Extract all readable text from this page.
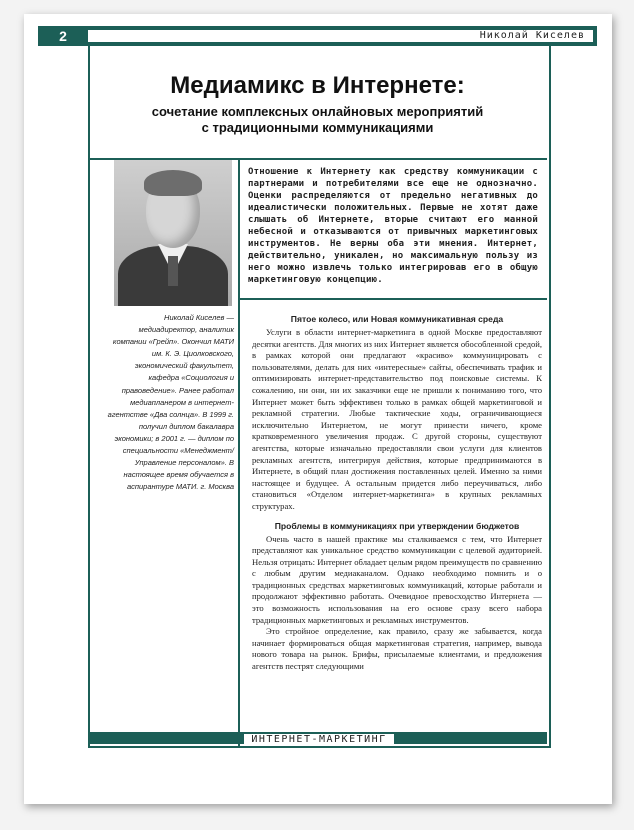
2	Николай Киселев
Медиамикс в Интернете:
сочетание комплексных онлайновых мероприятий с традиционными коммуникациями
Николай Киселев — медиадиректор, аналитик компании «Грейп». Окончил МАТИ им. К. Э. Циолковского, экономический факультет, кафедра «Социология и правоведение». Ранее работал медиапланером в интернет-агентстве «Два солнца». В 1999 г. получил диплом бакалавра экономики; в 2001 г. — диплом по специальности «Менеджмент/Управление персоналом». В настоящее время обучается в аспирантуре МАТИ. г. Москва
Отношение к Интернету как средству коммуникации с партнерами и потребителями все еще не однозначно. Оценки распределяются от предельно негативных до идеалистически положительных. Первые не хотят даже слышать об Интернете, вторые считают его манной небесной и отказываются от привычных маркетинговых инструментов. Не верны оба эти мнения. Интернет, действительно, уникален, но максимальную пользу из него можно извлечь только интегрировав его в общую маркетинговую концепцию.
Пятое колесо, или Новая коммуникативная среда

Услуги в области интернет-маркетинга в одной Москве предоставляют десятки агентств. Для многих из них Интернет является обособленной средой, в рамках которой они предлагают «красиво» коммуницировать с пользователями, делать для них «интересные» сайты, обеспечивать трафик и оптимизировать интернет-представительство под поисковые системы. К сожалению, ни они, ни их заказчики еще не пришли к пониманию того, что Интернет может быть эффективен только в рамках общей маркетинговой и рекламной стратегии. Любые тактические ходы, ограничивающиеся исключительно Интернетом, не могут принести ничего, кроме кратковременного увеличения продаж. С другой стороны, существуют агентства, которые изначально предоставляли свои услуги для клиентов рекламных агентств, интегрируя действия, которые предпринимаются в Интернете, в общий план достижения поставленных целей. Именно за ними настоящее и будущее. А остальным придется либо переучиваться, либо становиться «Отделом интернет-маркетинга» в крупных рекламных структурах.

Проблемы в коммуникациях при утверждении бюджетов

Очень часто в нашей практике мы сталкиваемся с тем, что Интернет представляют как уникальное средство коммуникации с целевой аудиторией. Нельзя отрицать: Интернет обладает целым рядом преимуществ по сравнению с любым другим медиаканалом. Однако необходимо помнить и о традиционных средствах маркетинговых коммуникаций, которые работали и продолжают эффективно работать. Очевидное превосходство Интернета — это возможность использования на его основе сразу всего набора традиционных маркетинговых и рекламных инструментов.

Это стройное определение, как правило, сразу же забывается, когда начинает формироваться общая маркетинговая стратегия, например, вывода нового товара на рынок. Брифы, присылаемые клиентами, и предложения агентств пестрят следующими

ИНТЕРНЕТ-МАРКЕТИНГ
